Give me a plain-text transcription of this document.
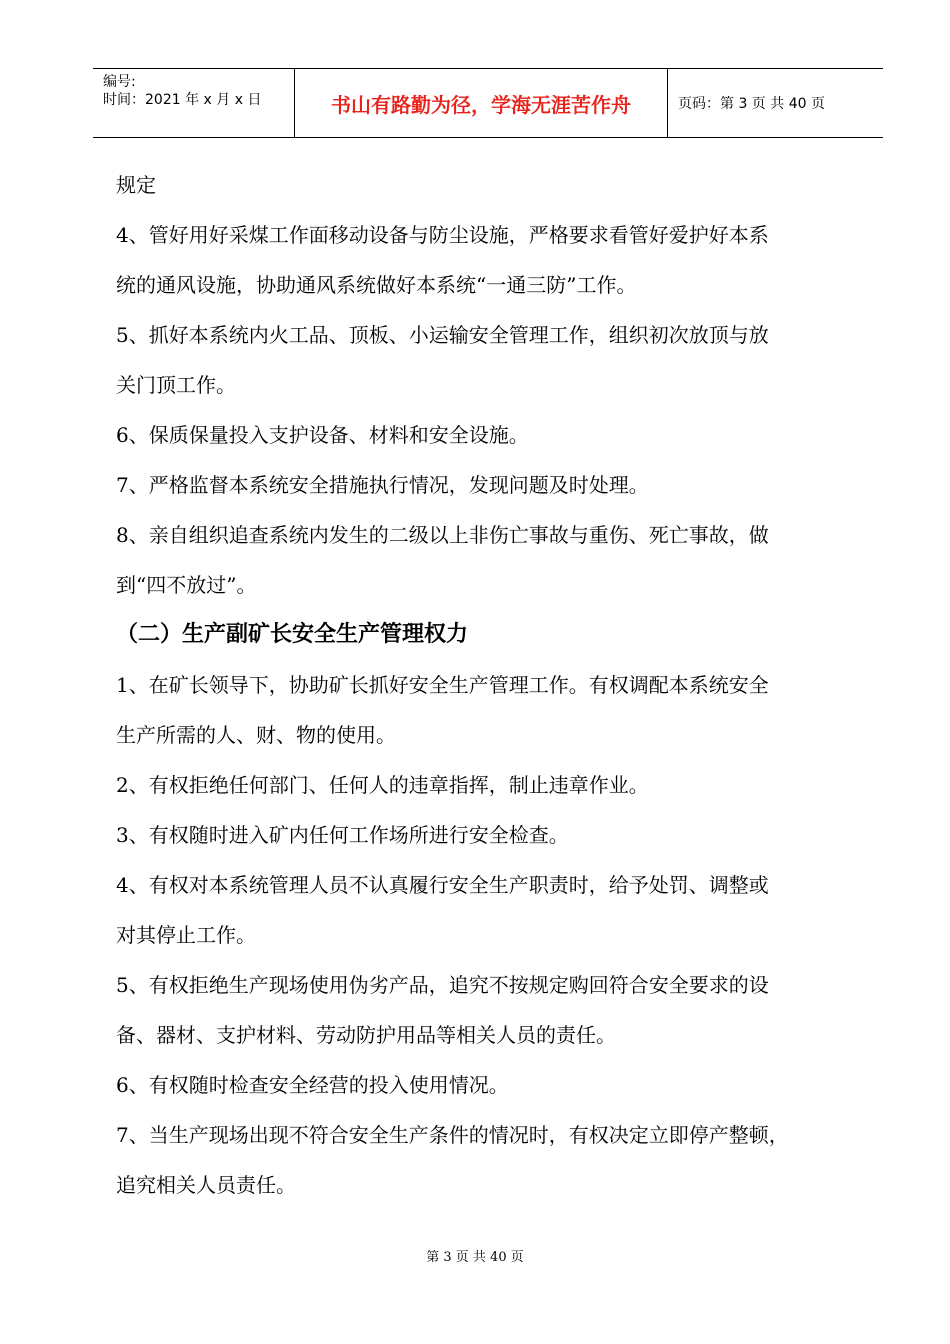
编号:
时间：2021 年 x 月 x 日	书山有路勤为径，学海无涯苦作舟	页码：第 3 页 共 40 页

规定

4、管好用好采煤工作面移动设备与防尘设施，严格要求看管好爱护好本系

统的通风设施，协助通风系统做好本系统“一通三防”工作。

5、抓好本系统内火工品、顶板、小运输安全管理工作，组织初次放顶与放

关门顶工作。

6、保质保量投入支护设备、材料和安全设施。

7、严格监督本系统安全措施执行情况，发现问题及时处理。

8、亲自组织追查系统内发生的二级以上非伤亡事故与重伤、死亡事故，做

到“四不放过”。

（二）生产副矿长安全生产管理权力

1、在矿长领导下，协助矿长抓好安全生产管理工作。有权调配本系统安全

生产所需的人、财、物的使用。

2、有权拒绝任何部门、任何人的违章指挥，制止违章作业。

3、有权随时进入矿内任何工作场所进行安全检查。

4、有权对本系统管理人员不认真履行安全生产职责时，给予处罚、调整或

对其停止工作。

5、有权拒绝生产现场使用伪劣产品，追究不按规定购回符合安全要求的设

备、器材、支护材料、劳动防护用品等相关人员的责任。

6、有权随时检查安全经营的投入使用情况。

7、当生产现场出现不符合安全生产条件的情况时，有权决定立即停产整顿，

追究相关人员责任。

第 3 页 共 40 页
